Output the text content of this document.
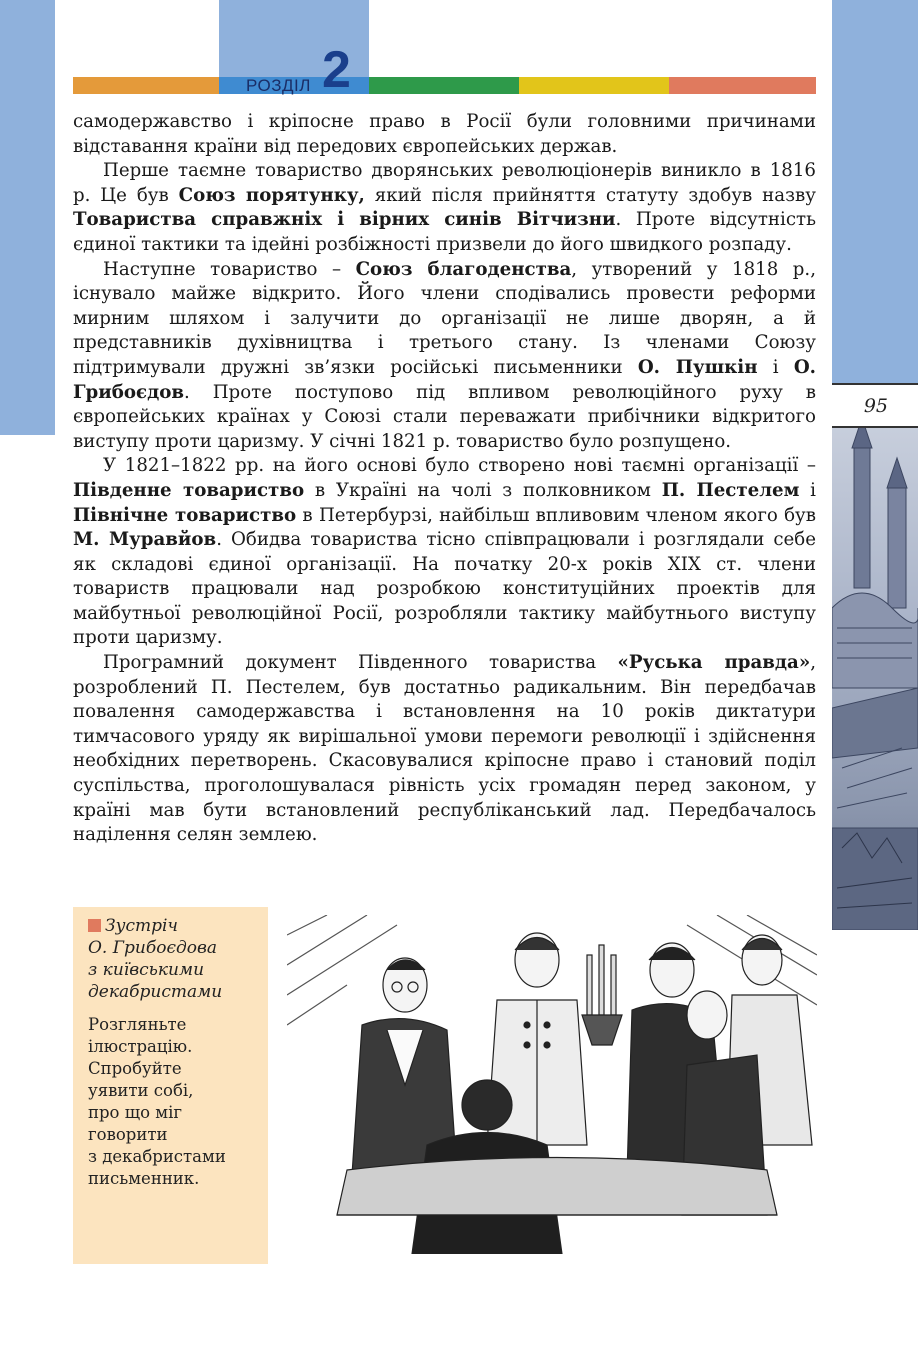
РОЗДІЛ 2
95

самодержавство і кріпосне право в Росії були головними причинами відставання країни від передових європейських держав.

Перше таємне товариство дворянських революціонерів виникло в 1816 р. Це був Союз порятунку, який після прийняття статуту здобув назву Товариства справжніх і вірних синів Вітчизни. Проте відсутність єдиної тактики та ідейні розбіжності призвели до його швидкого розпаду.

Наступне товариство – Союз благоденства, утворений у 1818 р., існувало майже відкрито. Його члени сподівались провести реформи мирним шляхом і залучити до організації не лише дворян, а й представників духівництва і третього стану. Із членами Союзу підтримували дружні зв’язки російські письменники О. Пушкін і О. Грибоєдов. Проте поступово під впливом революційного руху в європейських країнах у Союзі стали переважати прибічники відкритого виступу проти царизму. У січні 1821 р. товариство було розпущено.

У 1821–1822 рр. на його основі було створено нові таємні організації – Південне товариство в Україні на чолі з полковником П. Пестелем і Північне товариство в Петербурзі, найбільш впливовим членом якого був М. Муравйов. Обидва товариства тісно співпрацювали і розглядали себе як складові єдиної організації. На початку 20-х років XIX ст. члени товариств працювали над розробкою конституційних проектів для майбутньої революційної Росії, розробляли тактику майбутнього виступу проти царизму.

Програмний документ Південного товариства «Руська правда», розроблений П. Пестелем, був достатньо радикальним. Він передбачав повалення самодержавства і встановлення на 10 років диктатури тимчасового уряду як вирішальної умови перемоги революції і здійснення необхідних перетворень. Скасовувалися кріпосне право і становий поділ суспільства, проголошувалася рівність усіх громадян перед законом, у країні мав бути встановлений республіканський лад. Передбачалось наділення селян землею.

Зустріч
О. Грибоєдова
з київськими
декабристами
Розгляньте
ілюстрацію.
Спробуйте
уявити собі,
про що міг
говорити
з декабристами
письменник.
